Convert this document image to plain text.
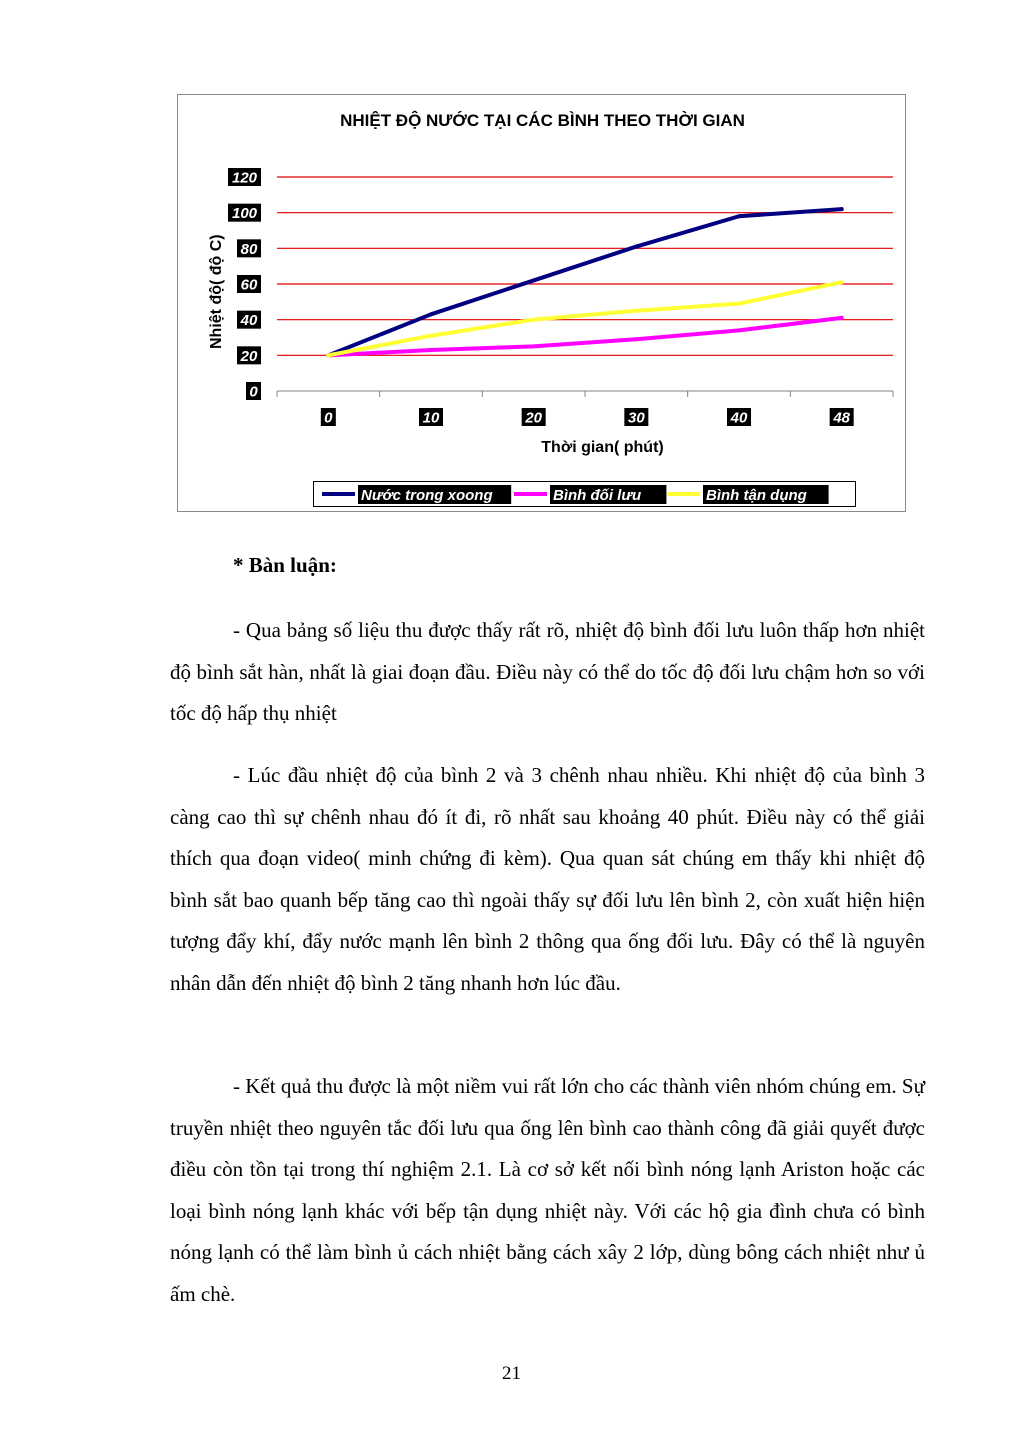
NHIỆT ĐỘ NƯỚC TẠI CÁC BÌNH THEO THỜI GIAN
Nhiệt độ( độ C)
Thời gian( phút)
0
20
40
60
80
100
120
0	10	20	30	40	48
Nước trong xoong	Bình đối lưu	Bình tận dụng
* Bàn luận:

- Qua bảng số liệu thu được thấy rất rõ, nhiệt độ bình đối lưu luôn thấp hơn nhiệt độ bình sắt hàn, nhất là giai đoạn đầu. Điều này có thể do tốc độ đối lưu chậm hơn so với tốc độ hấp thụ nhiệt

- Lúc đầu nhiệt độ của bình 2 và 3 chênh nhau nhiều. Khi nhiệt độ của bình 3 càng cao thì sự chênh nhau đó ít đi, rõ nhất sau khoảng 40 phút. Điều này có thể giải thích qua đoạn video( minh chứng đi kèm). Qua quan sát chúng em thấy khi nhiệt độ bình sắt bao quanh bếp tăng cao thì ngoài thấy sự đối lưu lên bình 2, còn xuất hiện hiện tượng đẩy khí, đẩy nước mạnh lên bình 2 thông qua ống đối lưu. Đây có thể là nguyên nhân dẫn đến nhiệt độ bình 2 tăng nhanh hơn lúc đầu.

- Kết quả thu được là một niềm vui rất lớn cho các thành viên nhóm chúng em. Sự truyền nhiệt theo nguyên tắc đối lưu qua ống lên bình cao thành công đã giải quyết được điều còn tồn tại trong thí nghiệm 2.1. Là cơ sở kết nối bình nóng lạnh Ariston hoặc các loại bình nóng lạnh khác với bếp tận dụng nhiệt này. Với các hộ gia đình chưa có bình nóng lạnh có thể làm bình ủ cách nhiệt bằng cách xây 2 lớp, dùng bông cách nhiệt như ủ ấm chè.

21
